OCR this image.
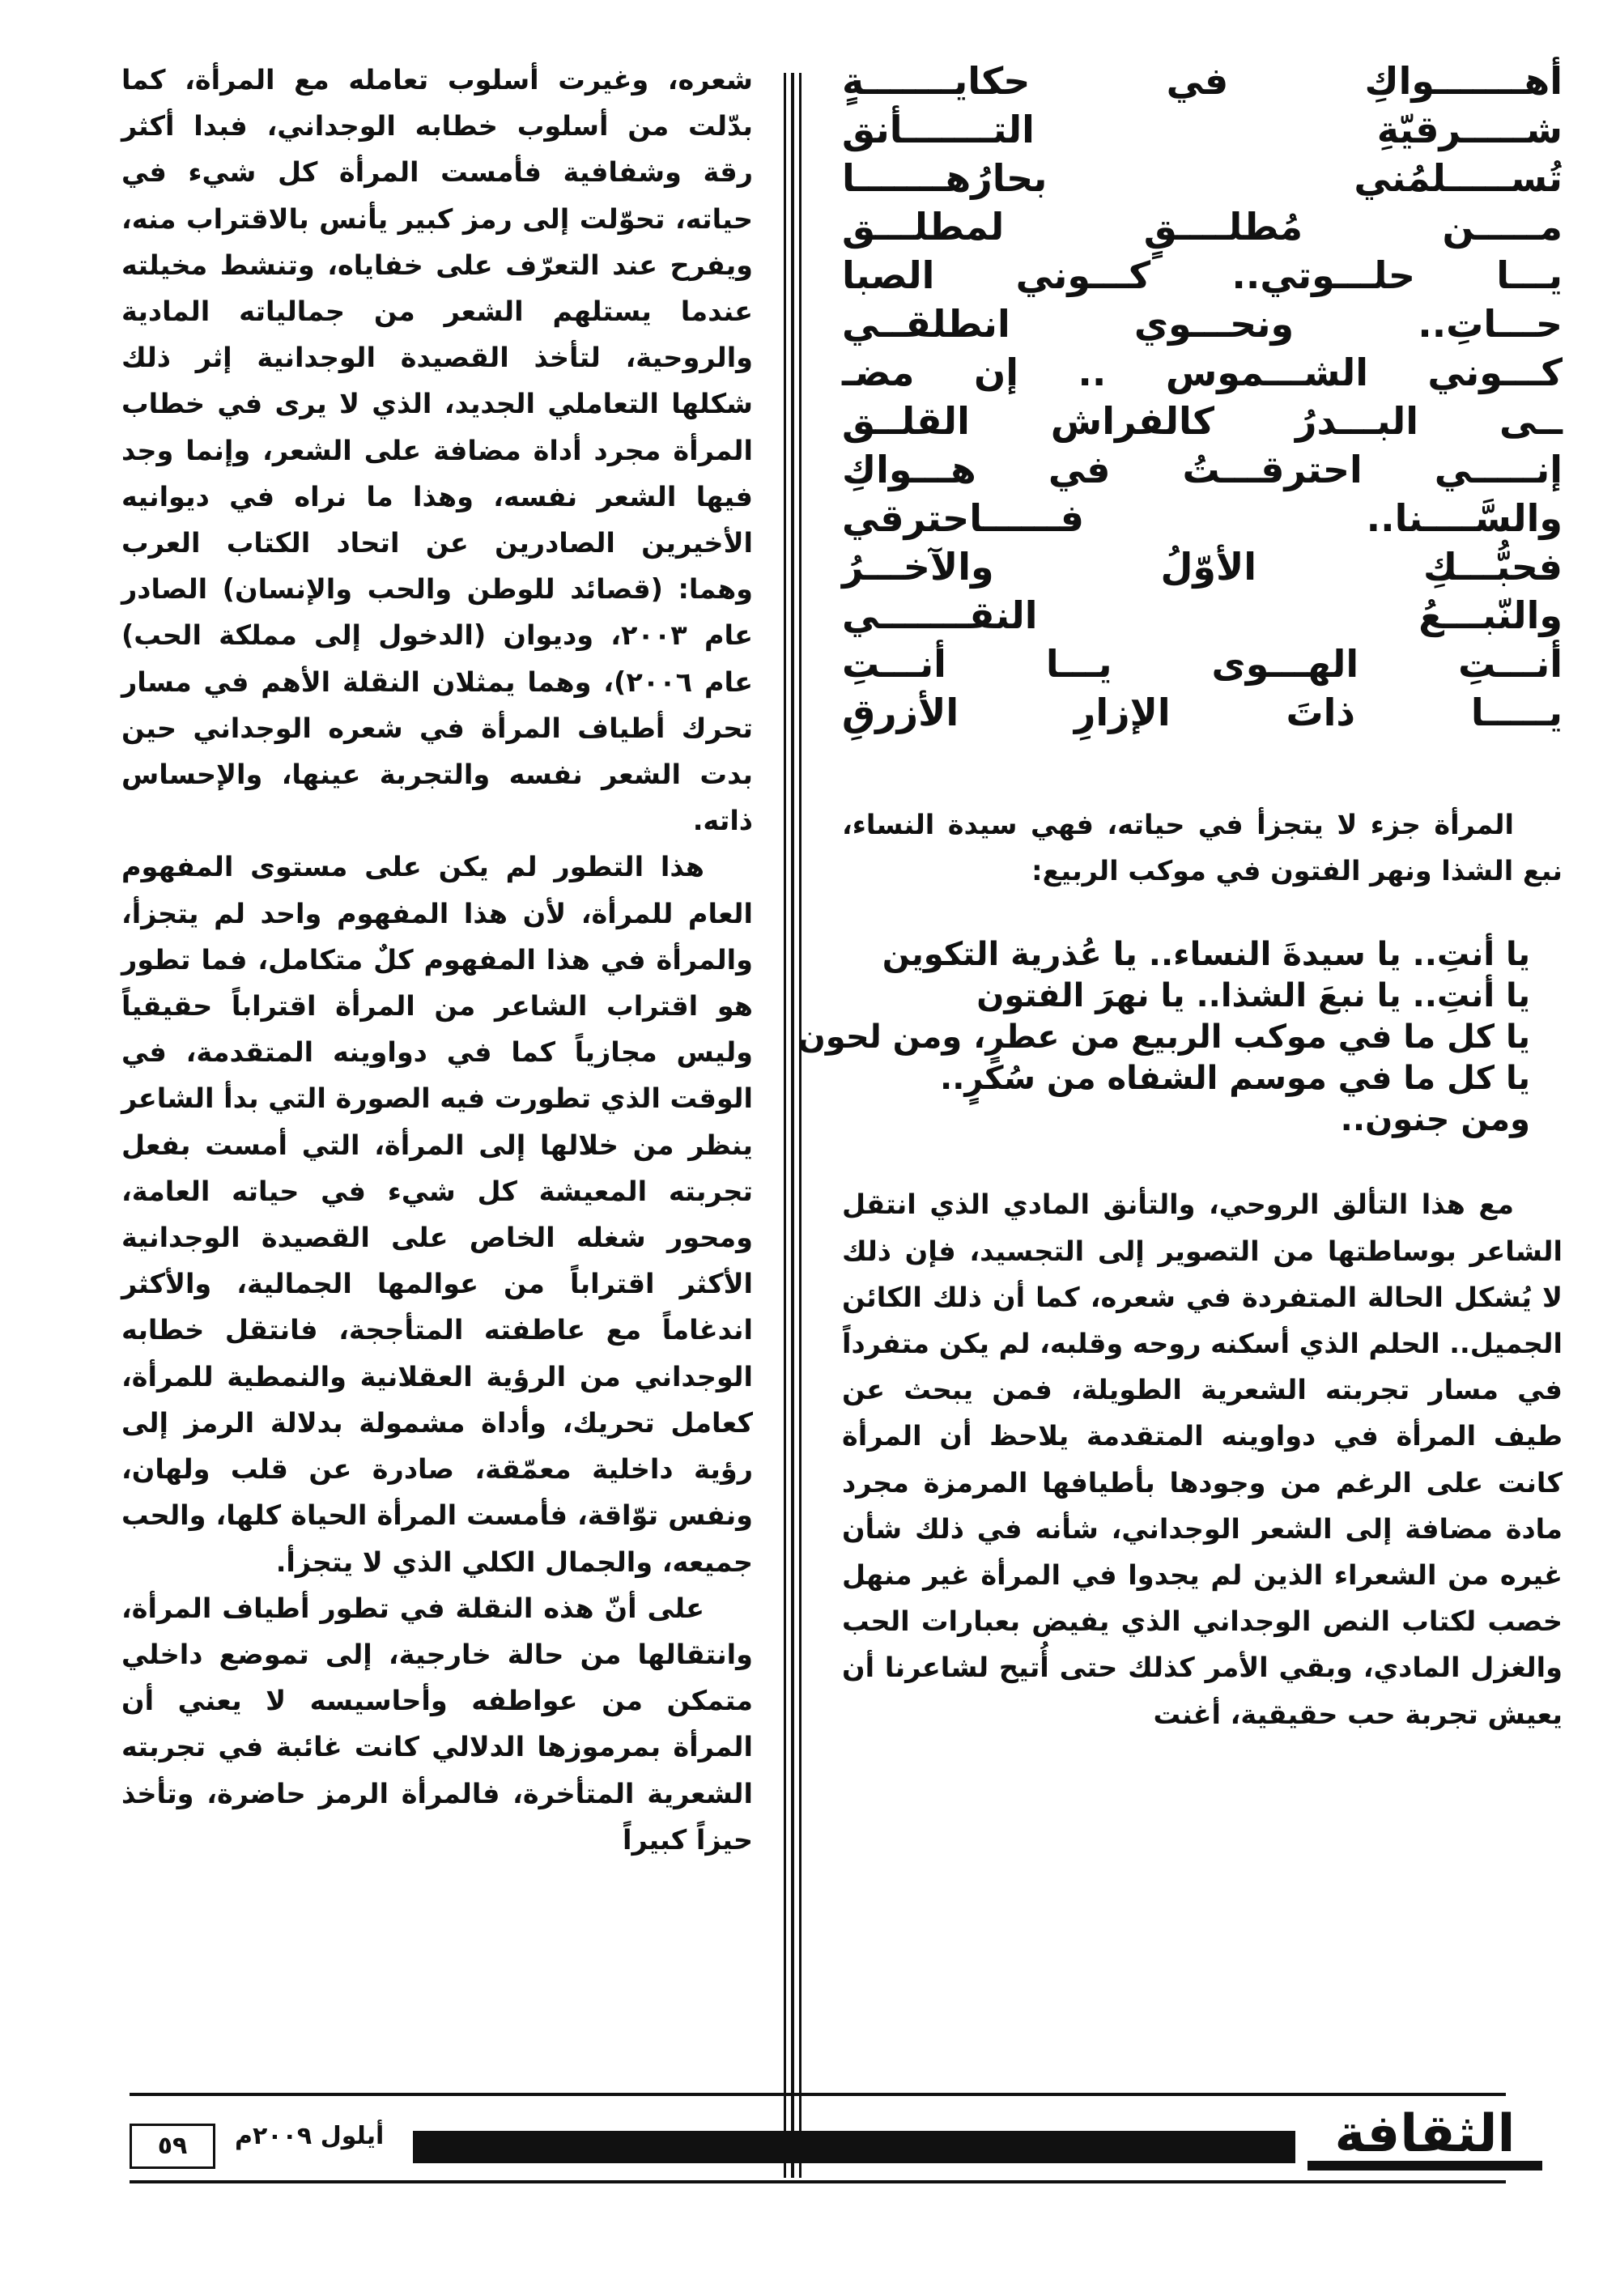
أهـــــــواكِ في حكايـــــــةٍ
شـــــرقيّةِ التـــــــأنق
تُســـــلمُني بحارُهـــــــا
مـــــن مُطلــــقٍ لمطلـــق
يـــا حلـــوتي.. كـــوني الصبا
حـــاتِ.. ونحـــوي انطلقــي
كـــوني الشـــموس .. إن مضـ
ــى البـــدرُ كالفراش القلــق
إنـــــي احترقـــتُ في هـــواكِ
والسَّــــنا.. فــــــاحترقي
فحبُّـــكِ الأوّلُ والآخـــرُ
والنّبـــعُ النقـــــــي
أنـــتِ الهـــوى يـــا أنـــتِ
يـــــا ذاتَ الإزارِ الأزرقِ

المرأة جزء لا يتجزأ في حياته، فهي سيدة النساء، نبع الشذا ونهر الفتون في موكب الربيع:

يا أنتِ.. يا سيدةَ النساء.. يا عُذرية التكوين
يا أنتِ.. يا نبعَ الشذا.. يا نهرَ الفتون
يا كل ما في موكب الربيع من عطرٍ، ومن لحون
يا كل ما في موسم الشفاه من سُكرٍ..
ومن جنون..

مع هذا التألق الروحي، والتأنق المادي الذي انتقل الشاعر بوساطتها من التصوير إلى التجسيد، فإن ذلك لا يُشكل الحالة المتفردة في شعره، كما أن ذلك الكائن الجميل.. الحلم الذي أسكنه روحه وقلبه، لم يكن متفرداً في مسار تجربته الشعرية الطويلة، فمن يبحث عن طيف المرأة في دواوينه المتقدمة يلاحظ أن المرأة كانت على الرغم من وجودها بأطيافها المرمزة مجرد مادة مضافة إلى الشعر الوجداني، شأنه في ذلك شأن غيره من الشعراء الذين لم يجدوا في المرأة غير منهل خصب لكتاب النص الوجداني الذي يفيض بعبارات الحب والغزل المادي، وبقي الأمر كذلك حتى أُتيح لشاعرنا أن يعيش تجربة حب حقيقية، أغنت

شعره، وغيرت أسلوب تعامله مع المرأة، كما بدّلت من أسلوب خطابه الوجداني، فبدا أكثر رقة وشفافية فأمست المرأة كل شيء في حياته، تحوّلت إلى رمز كبير يأنس بالاقتراب منه، ويفرح عند التعرّف على خفاياه، وتنشط مخيلته عندما يستلهم الشعر من جمالياته المادية والروحية، لتأخذ القصيدة الوجدانية إثر ذلك شكلها التعاملي الجديد، الذي لا يرى في خطاب المرأة مجرد أداة مضافة على الشعر، وإنما وجد فيها الشعر نفسه، وهذا ما نراه في ديوانيه الأخيرين الصادرين عن اتحاد الكتاب العرب وهما: (قصائد للوطن والحب والإنسان) الصادر عام ٢٠٠٣، وديوان (الدخول إلى مملكة الحب) عام ٢٠٠٦)، وهما يمثلان النقلة الأهم في مسار تحرك أطياف المرأة في شعره الوجداني حين بدت الشعر نفسه والتجربة عينها، والإحساس ذاته.

هذا التطور لم يكن على مستوى المفهوم العام للمرأة، لأن هذا المفهوم واحد لم يتجزأ، والمرأة في هذا المفهوم كلٌ متكامل، فما تطور هو اقتراب الشاعر من المرأة اقتراباً حقيقياً وليس مجازياً كما في دواوينه المتقدمة، في الوقت الذي تطورت فيه الصورة التي بدأ الشاعر ينظر من خلالها إلى المرأة، التي أمست بفعل تجربته المعيشة كل شيء في حياته العامة، ومحور شغله الخاص على القصيدة الوجدانية الأكثر اقتراباً من عوالمها الجمالية، والأكثر اندغاماً مع عاطفته المتأججة، فانتقل خطابه الوجداني من الرؤية العقلانية والنمطية للمرأة، كعامل تحريك، وأداة مشمولة بدلالة الرمز إلى رؤية داخلية معمّقة، صادرة عن قلب ولهان، ونفس توّاقة، فأمست المرأة الحياة كلها، والحب جميعه، والجمال الكلي الذي لا يتجزأ.

على أنّ هذه النقلة في تطور أطياف المرأة، وانتقالها من حالة خارجية، إلى تموضع داخلي متمكن من عواطفه وأحاسيسه لا يعني أن المرأة بمرموزها الدلالي كانت غائبة في تجربته الشعرية المتأخرة، فالمرأة الرمز حاضرة، وتأخذ حيزاً كبيراً

٥٩	أيلول ٢٠٠٩م	الثقافة
